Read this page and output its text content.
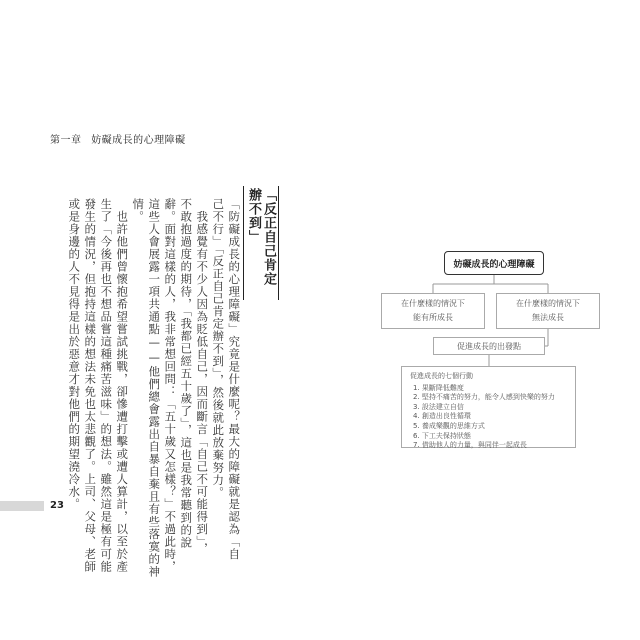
第一章 妨礙成長的心理障礙
「反正自己肯定辦不到」
「防礙成長的心理障礙」究竟是什麼呢？最大的障礙就是認為「自
己不行」「反正自己肯定辦不到」，然後就此放棄努力。
　我感覺有不少人因為貶低自己，因而斷言「自己不可能得到」，
不敢抱過度的期待，「我都已經五十歲了」，這也是我常聽到的說
辭。面對這樣的人，我非常想回問：「五十歲又怎樣？」不過此時，
這些人會展露一項共通點——他們總會露出自暴自棄且有些落寞的神
情。
　也許他們曾懷抱希望嘗試挑戰，卻慘遭打擊或遭人算計，以至於產
生了「今後再也不想品嘗這種痛苦滋味」的想法。雖然這是極有可能
發生的情況，但抱持這樣的想法未免也太悲觀了。上司、父母、老師
或是身邊的人不見得是出於惡意才對他們的期望澆冷水。
23
妨礙成長的心理障礙
在什麼樣的情況下
能有所成長
在什麼樣的情況下
無法成長
促進成長的出發點
促進成長的七個行動
1. 果斷降低難度
2. 堅持不痛苦的努力，能令人感到快樂的努力
3. 設法建立自信
4. 創造出良性循環
5. 養成樂觀的思維方式
6. 下工夫保持狀態
7. 借助他人的力量，與同伴一起成長
